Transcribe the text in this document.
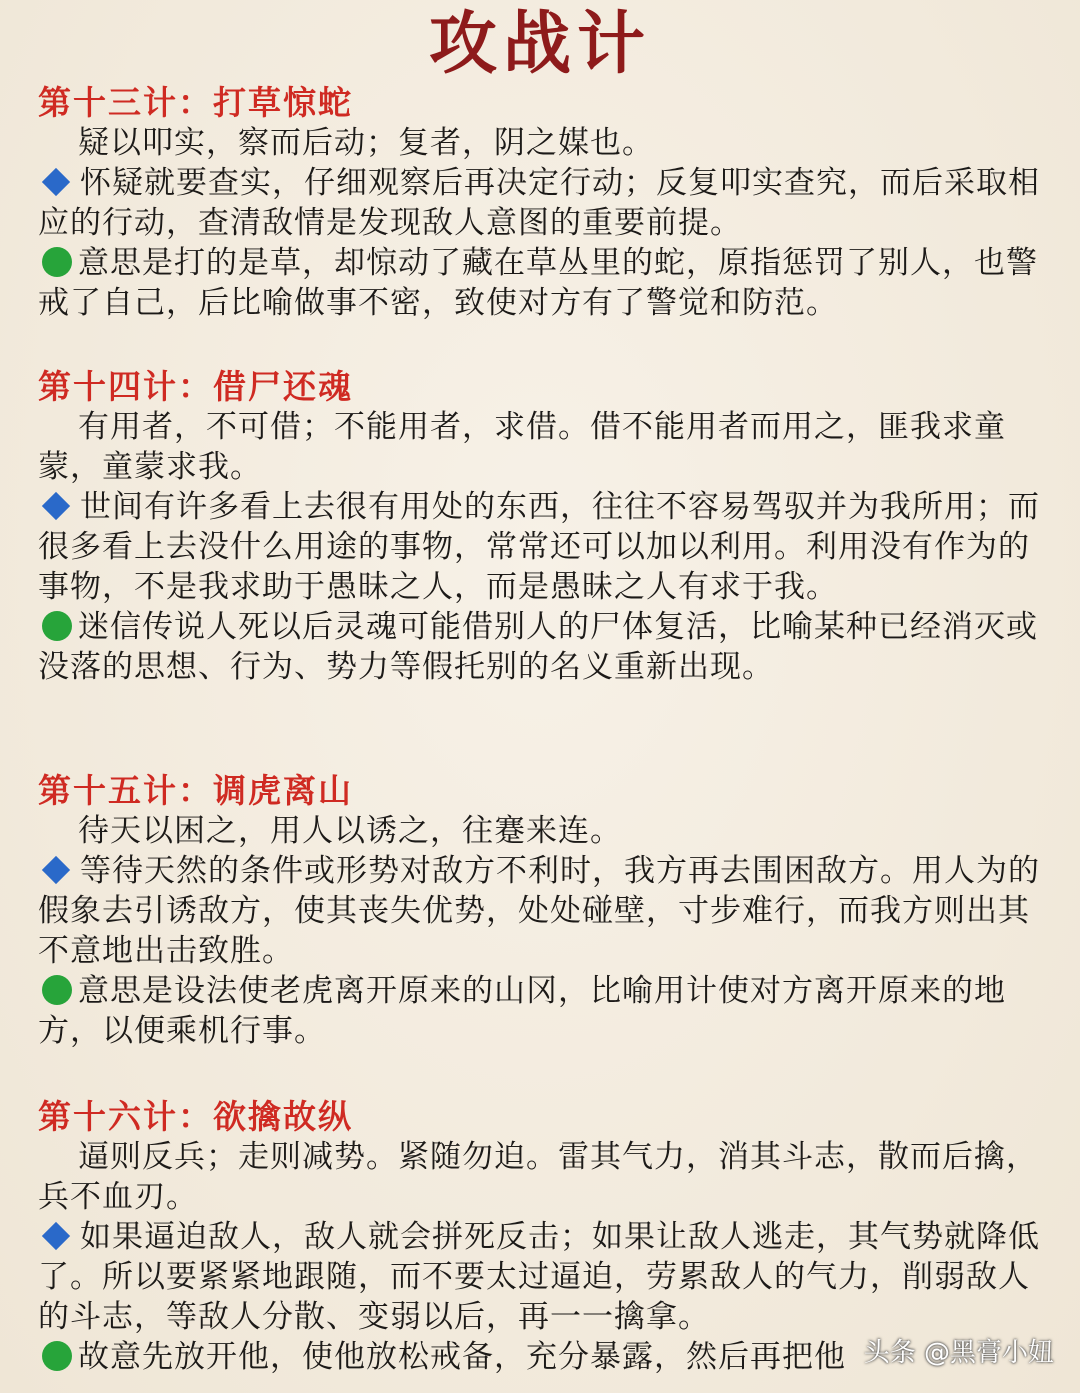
攻战计
第十三计：打草惊蛇

疑以叩实，察而后动；复者，阴之媒也。

怀疑就要查实，仔细观察后再决定行动；反复叩实查究，而后采取相应的行动，查清敌情是发现敌人意图的重要前提。

意思是打的是草，却惊动了藏在草丛里的蛇，原指惩罚了别人，也警戒了自己，后比喻做事不密，致使对方有了警觉和防范。

第十四计：借尸还魂

有用者，不可借；不能用者，求借。借不能用者而用之，匪我求童蒙，童蒙求我。

世间有许多看上去很有用处的东西，往往不容易驾驭并为我所用；而很多看上去没什么用途的事物，常常还可以加以利用。利用没有作为的事物，不是我求助于愚昧之人，而是愚昧之人有求于我。

迷信传说人死以后灵魂可能借别人的尸体复活，比喻某种已经消灭或没落的思想、行为、势力等假托别的名义重新出现。

第十五计：调虎离山

待天以困之，用人以诱之，往蹇来连。

等待天然的条件或形势对敌方不利时，我方再去围困敌方。用人为的假象去引诱敌方，使其丧失优势，处处碰壁，寸步难行，而我方则出其不意地出击致胜。

意思是设法使老虎离开原来的山冈，比喻用计使对方离开原来的地方，以便乘机行事。

第十六计：欲擒故纵

逼则反兵；走则减势。紧随勿迫。雷其气力，消其斗志，散而后擒，兵不血刃。

如果逼迫敌人，敌人就会拼死反击；如果让敌人逃走，其气势就降低了。所以要紧紧地跟随，而不要太过逼迫，劳累敌人的气力，削弱敌人的斗志，等敌人分散、变弱以后，再一一擒拿。

故意先放开他，使他放松戒备，充分暴露，然后再把他 头条 @黑膏小妞
